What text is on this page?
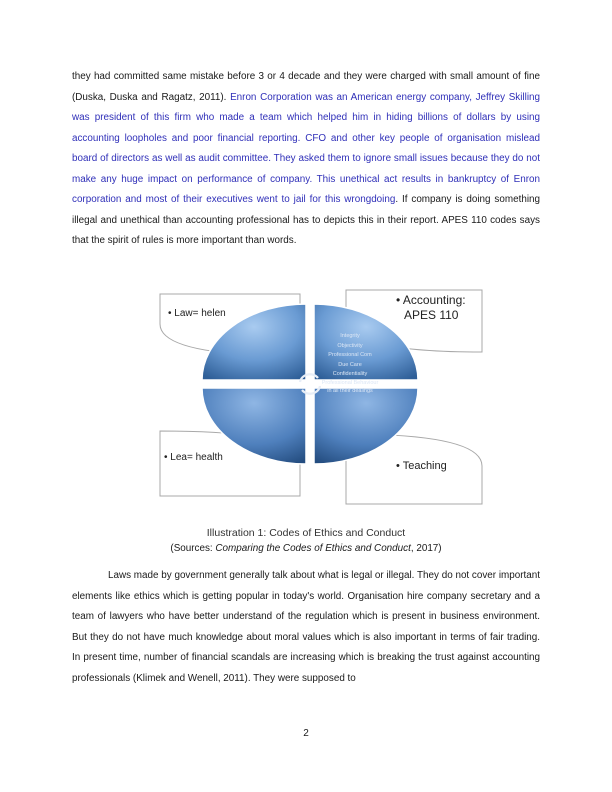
they had committed same mistake before 3 or 4 decade and they were charged with small amount of fine (Duska, Duska and Ragatz, 2011). Enron Corporation was an American energy company, Jeffrey Skilling was president of this firm who made a team which helped him in hiding billions of dollars by using accounting loopholes and poor financial reporting. CFO and other key people of organisation mislead board of directors as well as audit committee. They asked them to ignore small issues because they do not make any huge impact on performance of company. This unethical act results in bankruptcy of Enron corporation and most of their executives went to jail for this wrongdoing. If company is doing something illegal and unethical than accounting professional has to depicts this in their report. APES 110 codes says that the spirit of rules is more important than words.

• Law= helen
• Accounting:
APES 110
• Lea= health
• Teaching
Integrity
Objectivity
Professional Com
Due Care
Confidentiality
Professional Behaviour
in all their dealings
Illustration 1: Codes of Ethics and Conduct
(Sources: Comparing the Codes of Ethics and Conduct, 2017)

Laws made by government generally talk about what is legal or illegal. They do not cover important elements like ethics which is getting popular in today's world. Organisation hire company secretary and a team of lawyers who have better understand of the regulation which is present in business environment. But they do not have much knowledge about moral values which is also important in terms of fair trading. In present time, number of financial scandals are increasing which is breaking the trust against accounting professionals (Klimek and Wenell, 2011). They were supposed to

2
